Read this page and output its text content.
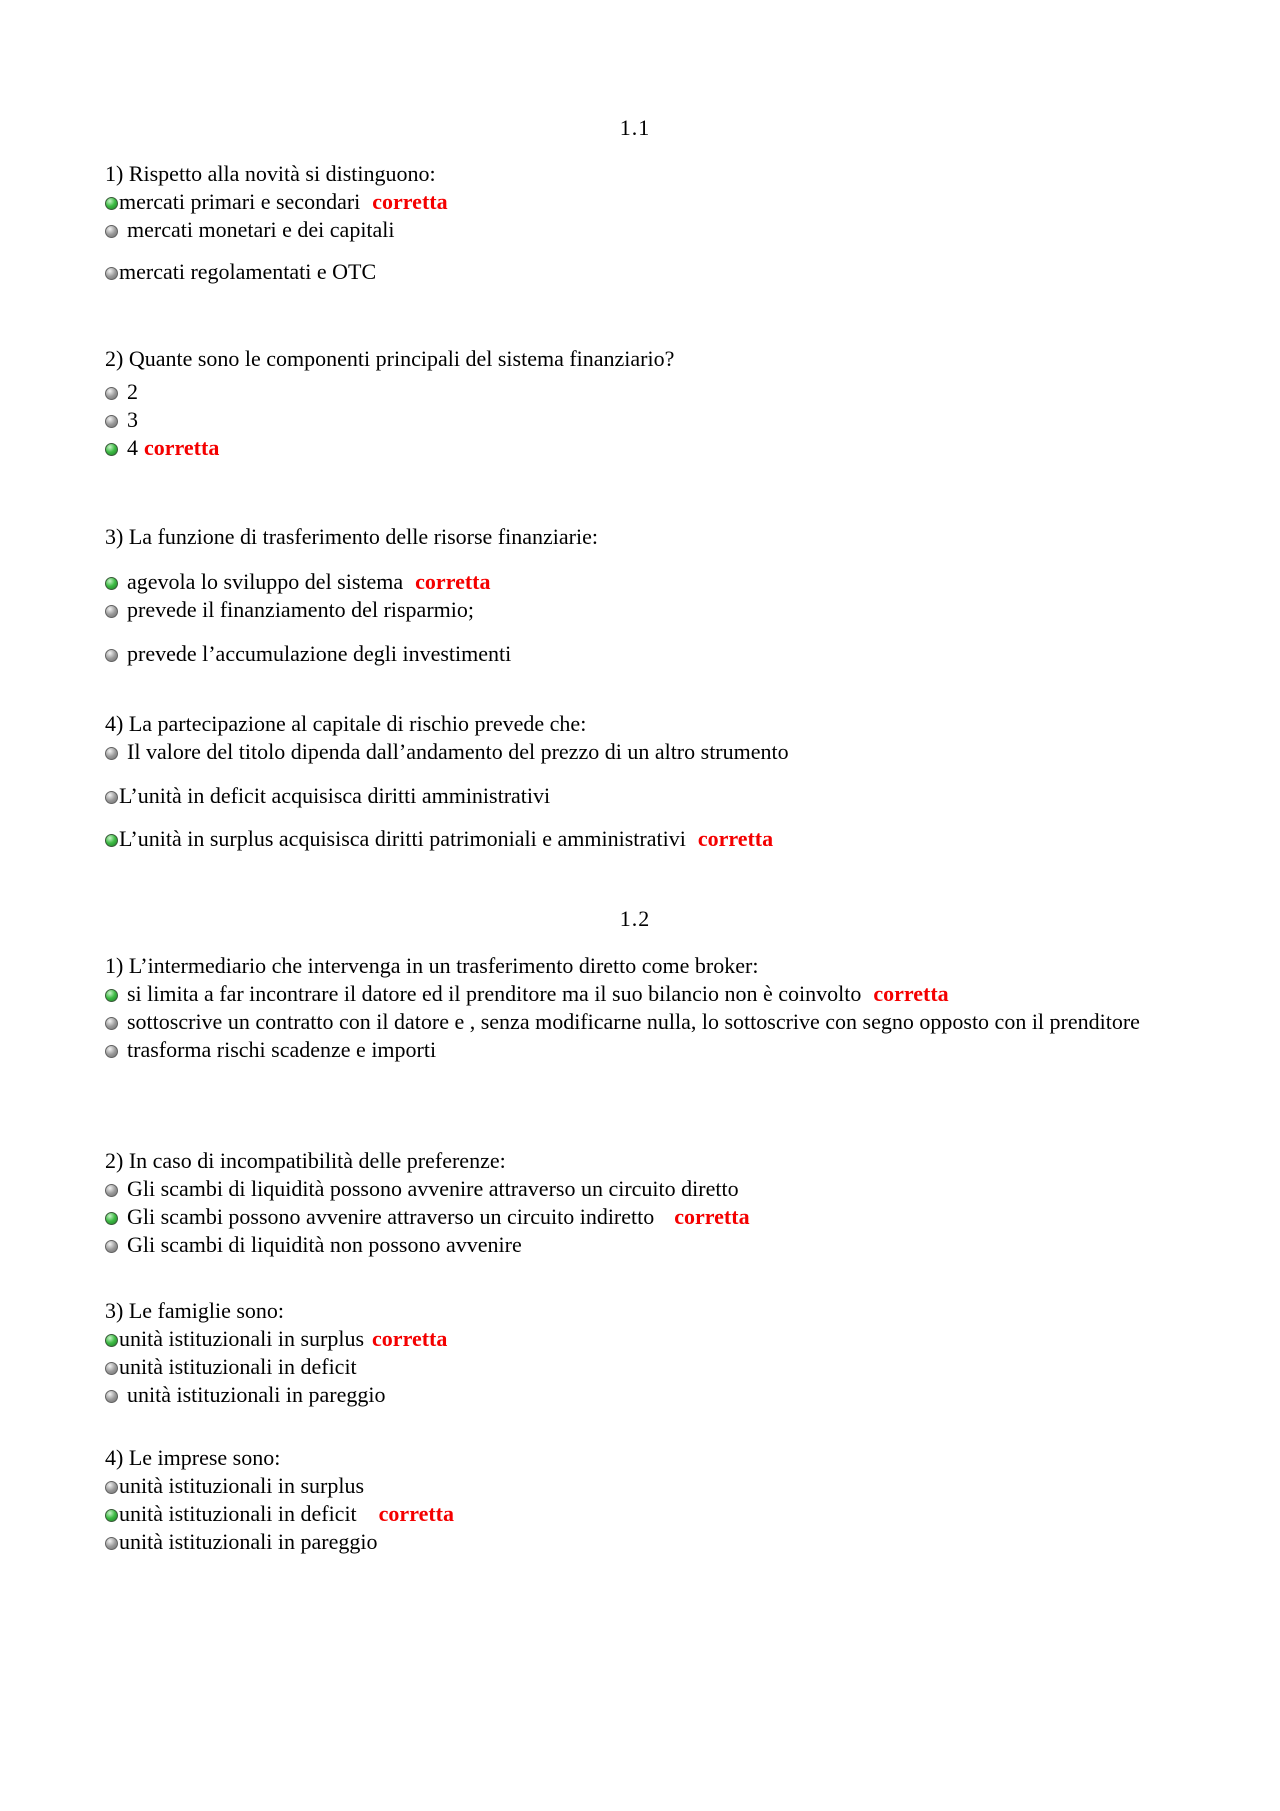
1.1
1) Rispetto alla novità si distinguono:
mercati primari e secondari corretta
mercati monetari e dei capitali
mercati regolamentati e OTC
2) Quante sono le componenti principali del sistema finanziario?
2
3
4 corretta
3) La funzione di trasferimento delle risorse finanziarie:
agevola lo sviluppo del sistema corretta
prevede il finanziamento del risparmio;
prevede l’accumulazione degli investimenti
4) La partecipazione al capitale di rischio prevede che:
Il valore del titolo dipenda dall’andamento del prezzo di un altro strumento
L’unità in deficit acquisisca diritti amministrativi
L’unità in surplus acquisisca diritti patrimoniali e amministrativi corretta
1.2
1) L’intermediario che intervenga in un trasferimento diretto come broker:
si limita a far incontrare il datore ed il prenditore ma il suo bilancio non è coinvolto corretta
sottoscrive un contratto con il datore e , senza modificarne nulla, lo sottoscrive con segno opposto con il prenditore
trasforma rischi scadenze e importi
2) In caso di incompatibilità delle preferenze:
Gli scambi di liquidità possono avvenire attraverso un circuito diretto
Gli scambi possono avvenire attraverso un circuito indiretto corretta
Gli scambi di liquidità non possono avvenire
3) Le famiglie sono:
unità istituzionali in surplus corretta
unità istituzionali in deficit
unità istituzionali in pareggio
4) Le imprese sono:
unità istituzionali in surplus
unità istituzionali in deficit corretta
unità istituzionali in pareggio
